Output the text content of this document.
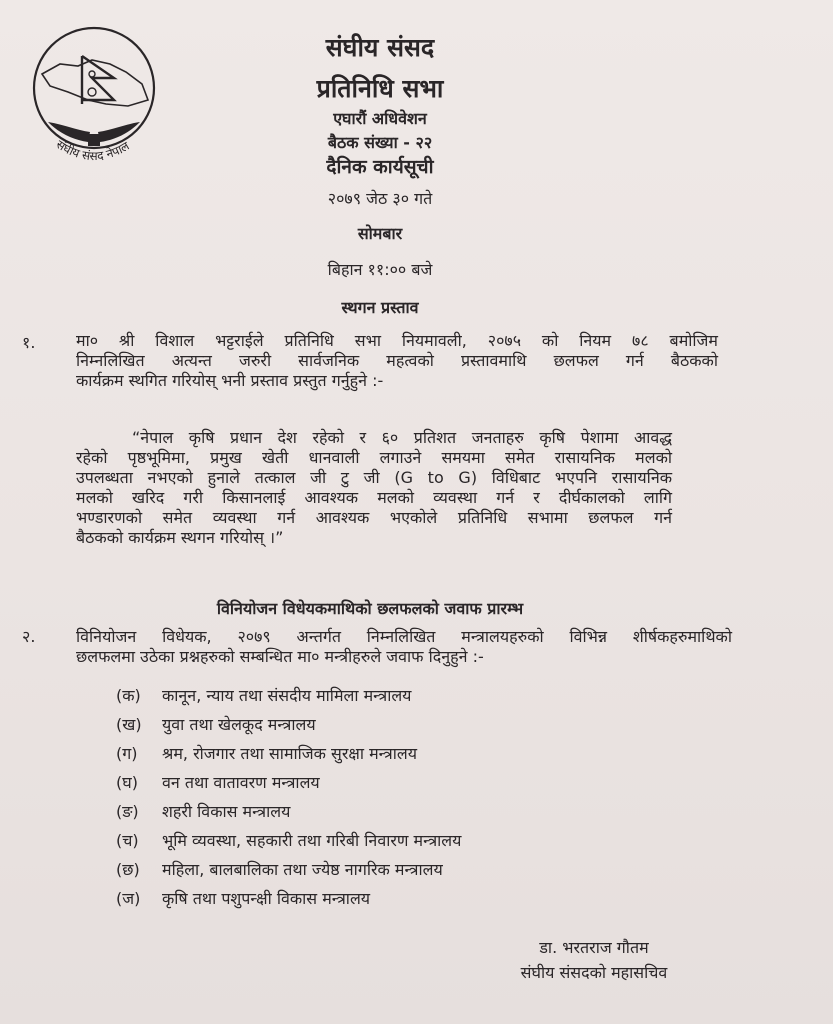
संघीय संसद नेपाल
संघीय संसद
प्रतिनिधि सभा
एघारौं अधिवेशन
बैठक संख्या - २२
दैनिक कार्यसूची
२०७९ जेठ ३० गते
सोमबार
बिहान ११:०० बजे
स्थगन प्रस्ताव
१.	मा० श्री विशाल भट्टराईले प्रतिनिधि सभा नियमावली, २०७५ को नियम ७८ बमोजिम
निम्नलिखित अत्यन्त जरुरी सार्वजनिक महत्वको प्रस्तावमाथि छलफल गर्न बैठकको
कार्यक्रम स्थगित गरियोस् भनी प्रस्ताव प्रस्तुत गर्नुहुने :-
“नेपाल कृषि प्रधान देश रहेको र ६० प्रतिशत जनताहरु कृषि पेशामा आवद्ध
रहेको पृष्ठभूमिमा, प्रमुख खेती धानवाली लगाउने समयमा समेत रासायनिक मलको
उपलब्धता नभएको हुनाले तत्काल जी टु जी (G to G) विधिबाट भएपनि रासायनिक
मलको खरिद गरी किसानलाई आवश्यक मलको व्यवस्था गर्न र दीर्घकालको लागि
भण्डारणको समेत व्यवस्था गर्न आवश्यक भएकोले प्रतिनिधि सभामा छलफल गर्न
बैठकको कार्यक्रम स्थगन गरियोस् ।”
विनियोजन विधेयकमाथिको छलफलको जवाफ प्रारम्भ
२.	विनियोजन विधेयक, २०७९ अन्तर्गत निम्नलिखित मन्त्रालयहरुको विभिन्न शीर्षकहरुमाथिको
छलफलमा उठेका प्रश्नहरुको सम्बन्धित मा० मन्त्रीहरुले जवाफ दिनुहुने :-
(क)	कानून, न्याय तथा संसदीय मामिला मन्त्रालय
(ख)	युवा तथा खेलकूद मन्त्रालय
(ग)	श्रम, रोजगार तथा सामाजिक सुरक्षा मन्त्रालय
(घ)	वन तथा वातावरण मन्त्रालय
(ङ)	शहरी विकास मन्त्रालय
(च)	भूमि व्यवस्था, सहकारी तथा गरिबी निवारण मन्त्रालय
(छ)	महिला, बालबालिका तथा ज्येष्ठ नागरिक मन्त्रालय
(ज)	कृषि तथा पशुपन्क्षी विकास मन्त्रालय
डा. भरतराज गौतम
संघीय संसदको महासचिव
